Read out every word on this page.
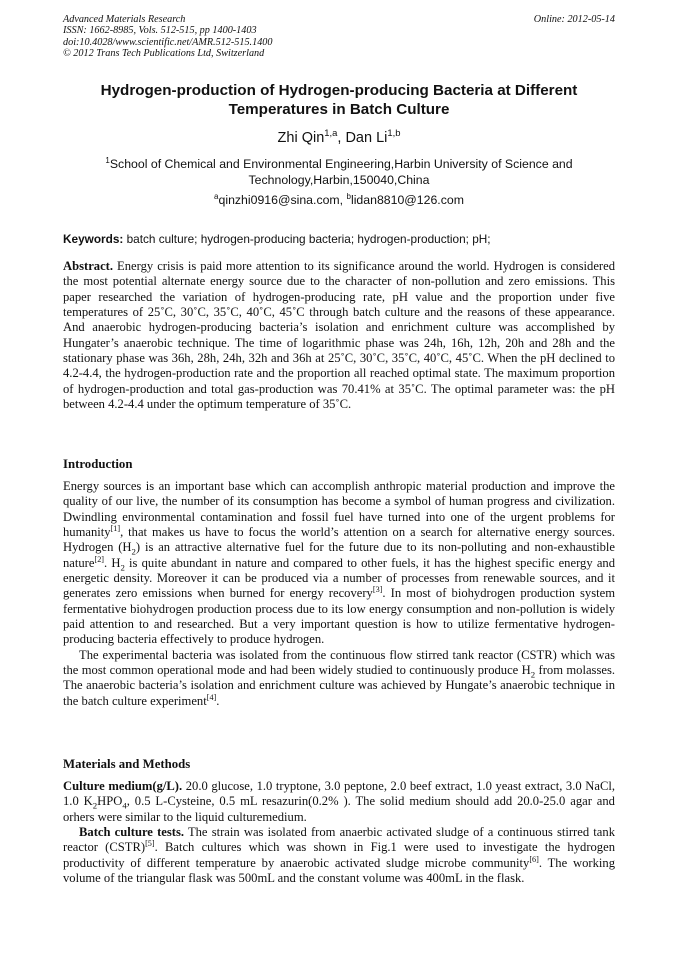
Advanced Materials Research
ISSN: 1662-8985, Vols. 512-515, pp 1400-1403
doi:10.4028/www.scientific.net/AMR.512-515.1400
© 2012 Trans Tech Publications Ltd, Switzerland
Online: 2012-05-14
Hydrogen-production of Hydrogen-producing Bacteria at Different
Temperatures in Batch Culture
Zhi Qin$^{1,a}$, Dan Li$^{1,b}$
$^1$School of Chemical and Environmental Engineering,Harbin University of Science and
Technology,Harbin,150040,China
$^a$qinzhi0916@sina.com, $^b$lidan8810@126.com
Keywords: batch culture; hydrogen-producing bacteria; hydrogen-production; pH;

Abstract. Energy crisis is paid more attention to its significance around the world. Hydrogen is considered the most potential alternate energy source due to the character of non-pollution and zero emissions. This paper researched the variation of hydrogen-producing rate, pH value and the proportion under five temperatures of 25˚C, 30˚C, 35˚C, 40˚C, 45˚C through batch culture and the reasons of these appearance. And anaerobic hydrogen-producing bacteria’s isolation and enrichment culture was accomplished by Hungater’s anaerobic technique. The time of logarithmic phase was 24h, 16h, 12h, 20h and 28h and the stationary phase was 36h, 28h, 24h, 32h and 36h at 25˚C, 30˚C, 35˚C, 40˚C, 45˚C. When the pH declined to 4.2-4.4, the hydrogen-production rate and the proportion all reached optimal state. The maximum proportion of hydrogen-production and total gas-production was 70.41% at 35˚C. The optimal parameter was: the pH between 4.2-4.4 under the optimum temperature of 35˚C.

Introduction

Energy sources is an important base which can accomplish anthropic material production and improve the quality of our live, the number of its consumption has become a symbol of human progress and civilization. Dwindling environmental contamination and fossil fuel have turned into one of the urgent problems for humanity[1], that makes us have to focus the world’s attention on a search for alternative energy sources. Hydrogen $(H_2)$ is an attractive alternative fuel for the future due to its non-polluting and non-exhaustible nature[2]. $H_2$ is quite abundant in nature and compared to other fuels, it has the highest specific energy and energetic density. Moreover it can be produced via a number of processes from renewable sources, and it generates zero emissions when burned for energy recovery[3]. In most of biohydrogen production system fermentative biohydrogen production process due to its low energy consumption and non-pollution is widely paid attention to and researched. But a very important question is how to utilize fermentative hydrogen-producing bacteria effectively to produce hydrogen.

The experimental bacteria was isolated from the continuous flow stirred tank reactor (CSTR) which was the most common operational mode and had been widely studied to continuously produce $H_2$ from molasses. The anaerobic bacteria’s isolation and enrichment culture was achieved by Hungate’s anaerobic technique in the batch culture experiment[4].

Materials and Methods

Culture medium(g/L). 20.0 glucose, 1.0 tryptone, 3.0 peptone, 2.0 beef extract, 1.0 yeast extract, 3.0 NaCl, 1.0 $K_2HPO_4$, 0.5 L-Cysteine, 0.5 mL resazurin(0.2% ). The solid medium should add 20.0-25.0 agar and orhers were similar to the liquid culturemedium.

Batch culture tests. The strain was isolated from anaerbic activated sludge of a continuous stirred tank reactor (CSTR)[5]. Batch cultures which was shown in Fig.1 were used to investigate the hydrogen productivity of different temperature by anaerobic activated sludge microbe community[6]. The working volume of the triangular flask was 500mL and the constant volume was 400mL in the flask.
